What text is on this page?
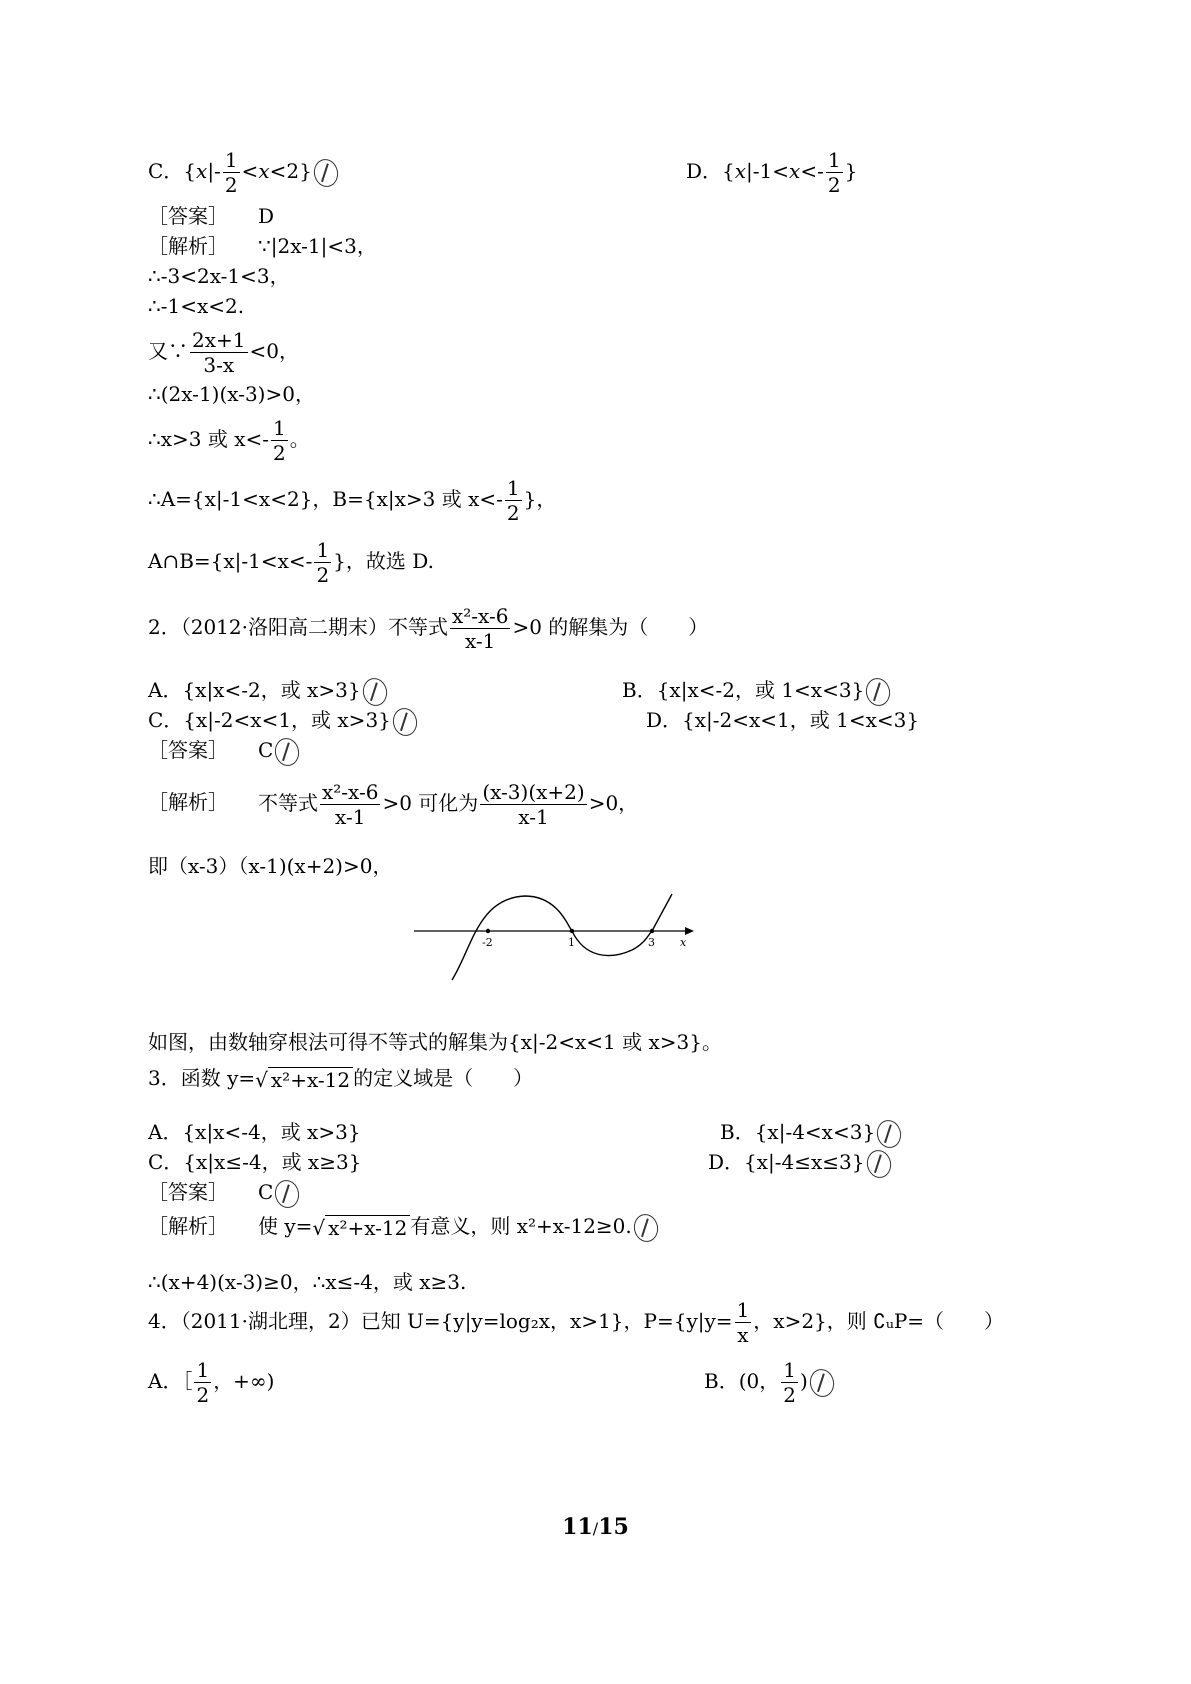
C．$\{x|- \frac{1}{2} <x<2\}$	D．{$x|-1<x<- \frac{1}{2}$ }
［答案］ D
［解析］ ∵|2x-1|<3，
∴-3<2x-1<3，
∴-1<x<2.
又∵ $\frac{2x+1}{3-x} <0$，
∴(2x-1)(x-3)>0，
∴x>3 或 $x<- \frac{1}{2}$ 。
∴A={x|-1<x<2}，B={x|x>3 或 $x<- \frac{1}{2}$ }，
A∩B={x|-1<x<- $\frac{1}{2}$ }，故选 D.
2．（2012·洛阳高二期末）不等式 $\frac{\text{x²-x-6}}{x-1} >0$ 的解集为（　　）
A．{x|x<-2，或 x>3}	B．{x|x<-2，或 1<x<3}
C．{x|-2<x<1，或 x>3}	D．{x|-2<x<1，或 1<x<3}
［答案］ C
［解析］ 不等式 $\frac{\text{x²-x-6}}{x-1} >0$ 可化为 $\frac{(x-3)(x+2)}{x-1} >0$，
即（x-3）（x-1)(x+2)>0，
-2	1	3 x
如图，由数轴穿根法可得不等式的解集为{x|-2<x<1 或 x>3}。
3．函数 y=√ x²+x-12 的定义域是（　　）
A．{x|x<-4，或 x>3}	B．{x|-4<x<3}
C．{x|x≤-4，或 x≥3}	D．{x|-4≤x≤3}
［答案］ C
［解析］ 使 y=√ x²+x-12 有意义，则 x²+x-12≥0.
∴(x+4)(x-3)≥0，∴x≤-4，或 x≥3.
4．（2011·湖北理，2）已知 U={y|y=log₂x，x>1}，$P=\{y|y= \frac{1}{x}$ ，x>2}，则 ∁ᵤP=（　　）
A．［ $\frac{1}{2}$ ，+∞)	B．(0， $\frac{1}{2}$ )
11/15
